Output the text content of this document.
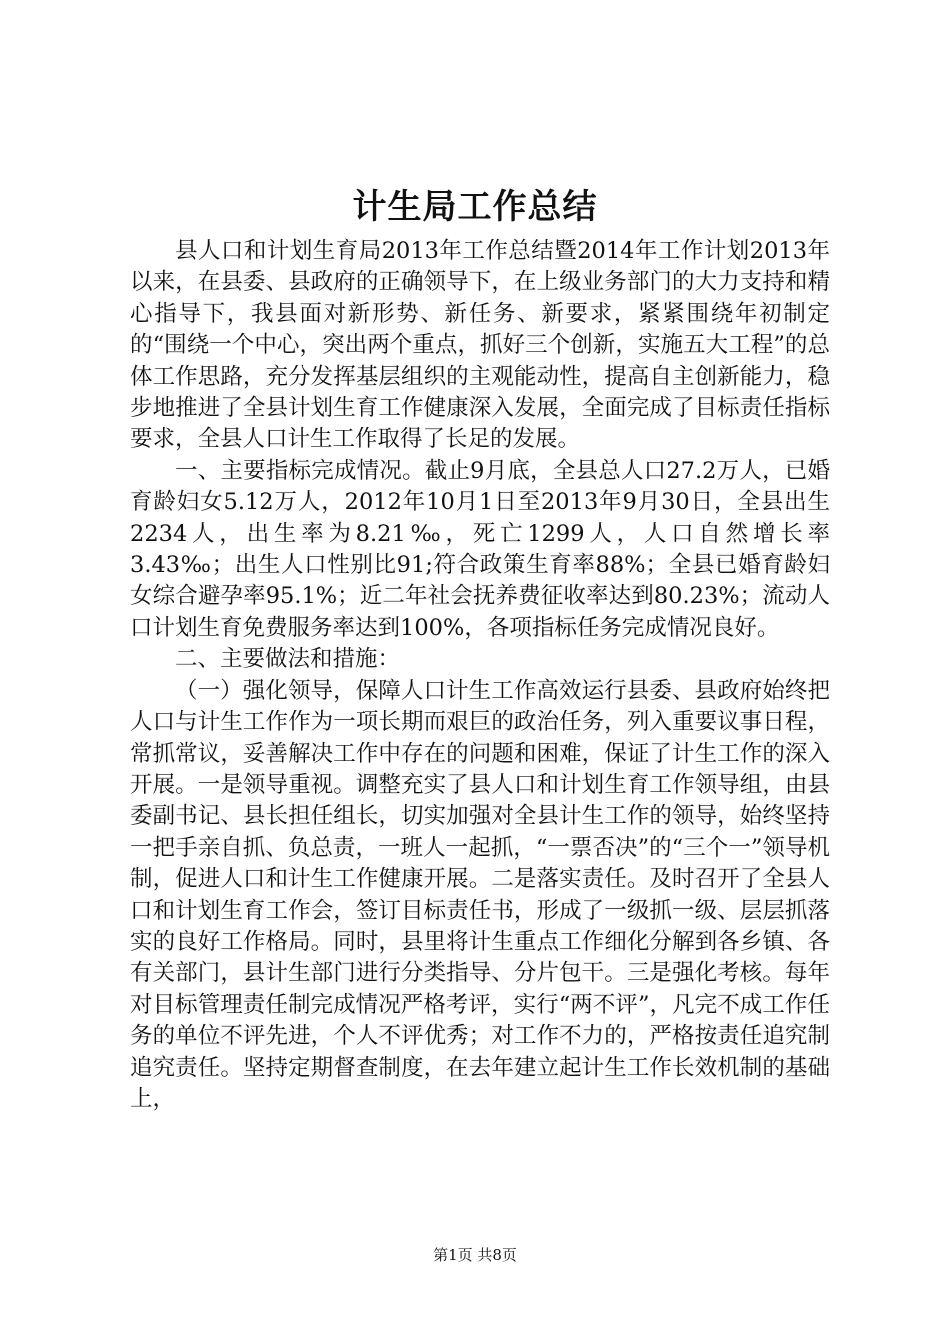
计生局工作总结

县人口和计划生育局2013年工作总结暨2014年工作计划2013年以来，在县委、县政府的正确领导下，在上级业务部门的大力支持和精心指导下，我县面对新形势、新任务、新要求，紧紧围绕年初制定的“围绕一个中心，突出两个重点，抓好三个创新，实施五大工程”的总体工作思路，充分发挥基层组织的主观能动性，提高自主创新能力，稳步地推进了全县计划生育工作健康深入发展，全面完成了目标责任指标要求，全县人口计生工作取得了长足的发展。

一、主要指标完成情况。截止9月底，全县总人口27.2万人，已婚育龄妇女5.12万人，2012年10月1日至2013年9月30日，全县出生2234人，出生率为8.21‰，死亡1299人，人口自然增长率3.43‰；出生人口性别比91;符合政策生育率88%；全县已婚育龄妇女综合避孕率95.1%；近二年社会抚养费征收率达到80.23%；流动人口计划生育免费服务率达到100%，各项指标任务完成情况良好。

二、主要做法和措施：

（一）强化领导，保障人口计生工作高效运行县委、县政府始终把人口与计生工作作为一项长期而艰巨的政治任务，列入重要议事日程，常抓常议，妥善解决工作中存在的问题和困难，保证了计生工作的深入开展。一是领导重视。调整充实了县人口和计划生育工作领导组，由县委副书记、县长担任组长，切实加强对全县计生工作的领导，始终坚持一把手亲自抓、负总责，一班人一起抓，“一票否决”的“三个一”领导机制，促进人口和计生工作健康开展。二是落实责任。及时召开了全县人口和计划生育工作会，签订目标责任书，形成了一级抓一级、层层抓落实的良好工作格局。同时，县里将计生重点工作细化分解到各乡镇、各有关部门，县计生部门进行分类指导、分片包干。三是强化考核。每年对目标管理责任制完成情况严格考评，实行“两不评”，凡完不成工作任务的单位不评先进，个人不评优秀；对工作不力的，严格按责任追究制追究责任。坚持定期督查制度，在去年建立起计生工作长效机制的基础上，

第1页 共8页
